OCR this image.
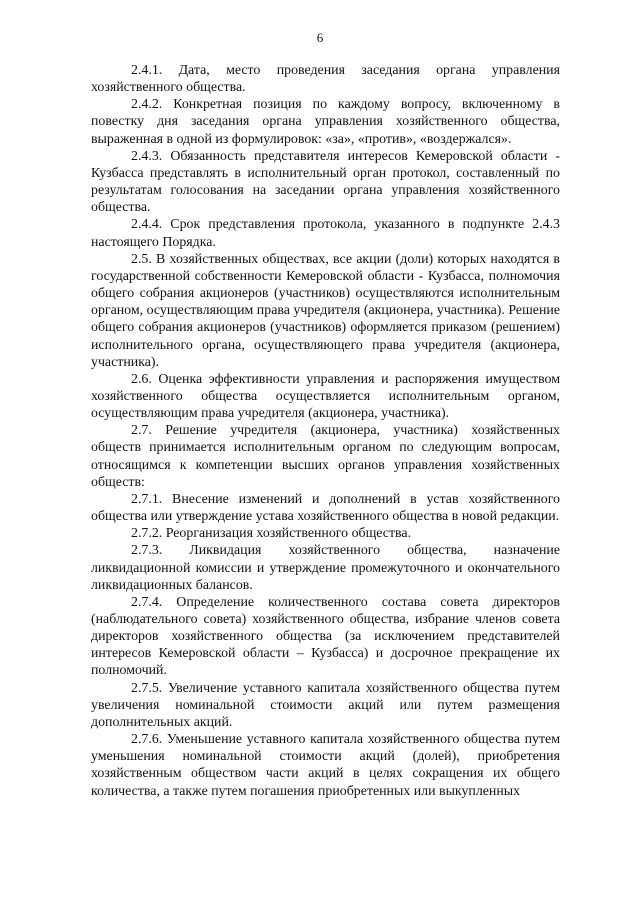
6

2.4.1. Дата, место проведения заседания органа управления хозяйственного общества.

2.4.2. Конкретная позиция по каждому вопросу, включенному в повестку дня заседания органа управления хозяйственного общества, выраженная в одной из формулировок: «за», «против», «воздержался».

2.4.3. Обязанность представителя интересов Кемеровской области - Кузбасса представлять в исполнительный орган протокол, составленный по результатам голосования на заседании органа управления хозяйственного общества.

2.4.4. Срок представления протокола, указанного в подпункте 2.4.3 настоящего Порядка.

2.5. В хозяйственных обществах, все акции (доли) которых находятся в государственной собственности Кемеровской области - Кузбасса, полномочия общего собрания акционеров (участников) осуществляются исполнительным органом, осуществляющим права учредителя (акционера, участника). Решение общего собрания акционеров (участников) оформляется приказом (решением) исполнительного органа, осуществляющего права учредителя (акционера, участника).

2.6. Оценка эффективности управления и распоряжения имуществом хозяйственного общества осуществляется исполнительным органом, осуществляющим права учредителя (акционера, участника).

2.7. Решение учредителя (акционера, участника) хозяйственных обществ принимается исполнительным органом по следующим вопросам, относящимся к компетенции высших органов управления хозяйственных обществ:

2.7.1. Внесение изменений и дополнений в устав хозяйственного общества или утверждение устава хозяйственного общества в новой редакции.

2.7.2. Реорганизация хозяйственного общества.

2.7.3. Ликвидация хозяйственного общества, назначение ликвидационной комиссии и утверждение промежуточного и окончательного ликвидационных балансов.

2.7.4. Определение количественного состава совета директоров (наблюдательного совета) хозяйственного общества, избрание членов совета директоров хозяйственного общества (за исключением представителей интересов Кемеровской области – Кузбасса) и досрочное прекращение их полномочий.

2.7.5. Увеличение уставного капитала хозяйственного общества путем увеличения номинальной стоимости акций или путем размещения дополнительных акций.

2.7.6. Уменьшение уставного капитала хозяйственного общества путем уменьшения номинальной стоимости акций (долей), приобретения хозяйственным обществом части акций в целях сокращения их общего количества, а также путем погашения приобретенных или выкупленных
